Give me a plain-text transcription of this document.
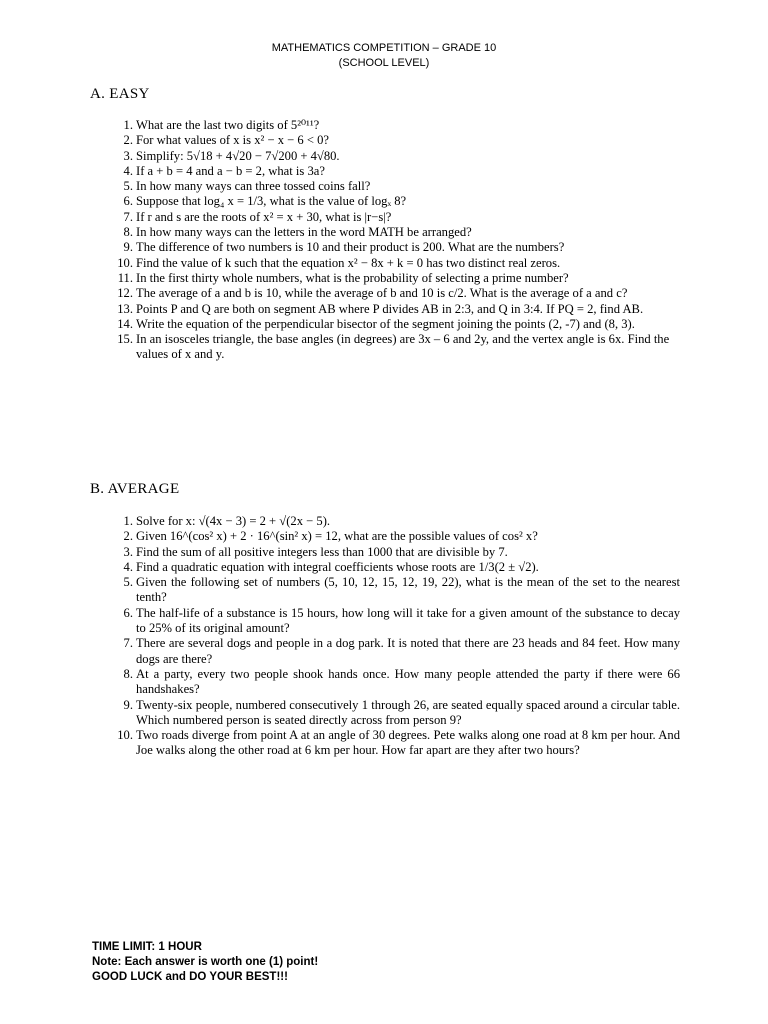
MATHEMATICS COMPETITION – GRADE 10
(SCHOOL LEVEL)
A. EASY
1. What are the last two digits of 5²⁰¹¹?
2. For what values of x is x² − x − 6 < 0?
3. Simplify: 5√18 + 4√20 − 7√200 + 4√80.
4. If a + b = 4 and a − b = 2, what is 3a?
5. In how many ways can three tossed coins fall?
6. Suppose that log₄ x = 1/3, what is the value of logₓ 8?
7. If r and s are the roots of x² = x + 30, what is |r−s|?
8. In how many ways can the letters in the word MATH be arranged?
9. The difference of two numbers is 10 and their product is 200. What are the numbers?
10. Find the value of k such that the equation x² − 8x + k = 0 has two distinct real zeros.
11. In the first thirty whole numbers, what is the probability of selecting a prime number?
12. The average of a and b is 10, while the average of b and 10 is c/2. What is the average of a and c?
13. Points P and Q are both on segment AB where P divides AB in 2:3, and Q in 3:4. If PQ = 2, find AB.
14. Write the equation of the perpendicular bisector of the segment joining the points (2, -7) and (8, 3).
15. In an isosceles triangle, the base angles (in degrees) are 3x – 6 and 2y, and the vertex angle is 6x. Find the values of x and y.
B. AVERAGE
1. Solve for x: √(4x − 3) = 2 + √(2x − 5).
2. Given 16^(cos² x) + 2 · 16^(sin² x) = 12, what are the possible values of cos² x?
3. Find the sum of all positive integers less than 1000 that are divisible by 7.
4. Find a quadratic equation with integral coefficients whose roots are 1/3(2 ± √2).
5. Given the following set of numbers (5, 10, 12, 15, 12, 19, 22), what is the mean of the set to the nearest tenth?
6. The half-life of a substance is 15 hours, how long will it take for a given amount of the substance to decay to 25% of its original amount?
7. There are several dogs and people in a dog park. It is noted that there are 23 heads and 84 feet. How many dogs are there?
8. At a party, every two people shook hands once. How many people attended the party if there were 66 handshakes?
9. Twenty-six people, numbered consecutively 1 through 26, are seated equally spaced around a circular table. Which numbered person is seated directly across from person 9?
10. Two roads diverge from point A at an angle of 30 degrees. Pete walks along one road at 8 km per hour. And Joe walks along the other road at 6 km per hour. How far apart are they after two hours?
TIME LIMIT: 1 HOUR
Note: Each answer is worth one (1) point!
GOOD LUCK and DO YOUR BEST!!!
